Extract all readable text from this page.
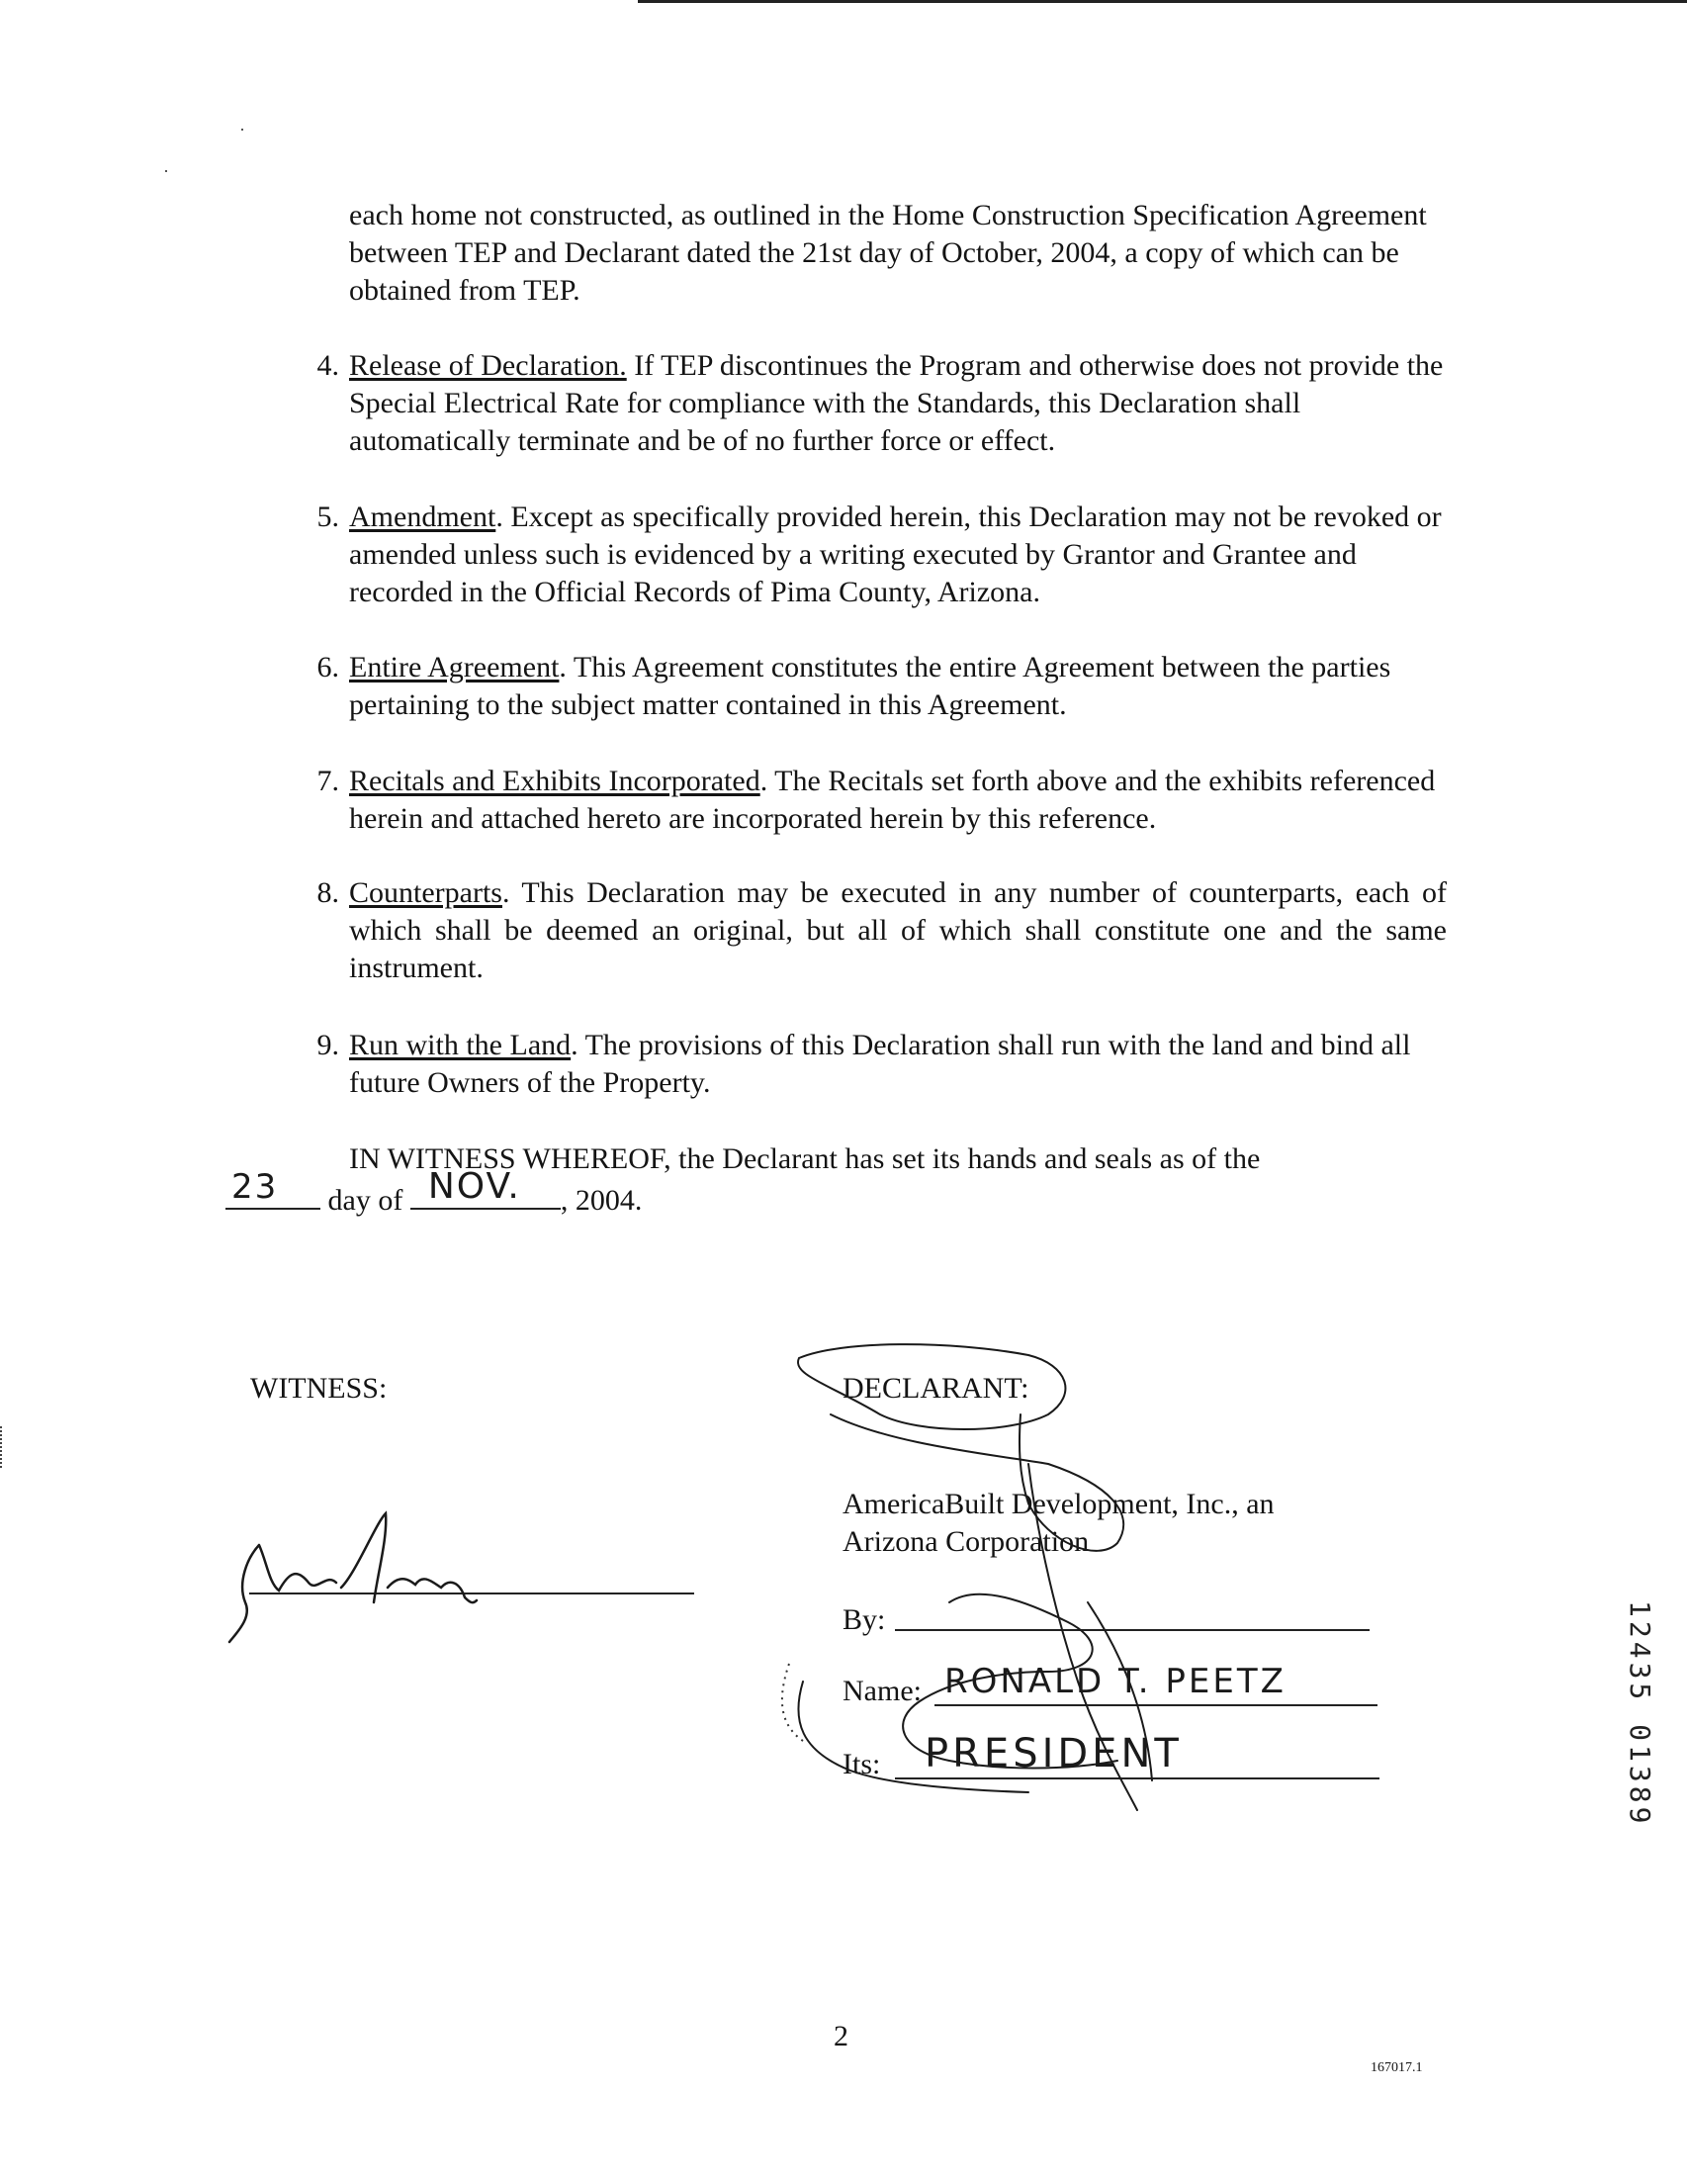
each home not constructed, as outlined in the Home Construction Specification Agreement between TEP and Declarant dated the 21st day of October, 2004, a copy of which can be obtained from TEP.

4. Release of Declaration. If TEP discontinues the Program and otherwise does not provide the Special Electrical Rate for compliance with the Standards, this Declaration shall automatically terminate and be of no further force or effect.
5. Amendment. Except as specifically provided herein, this Declaration may not be revoked or amended unless such is evidenced by a writing executed by Grantor and Grantee and recorded in the Official Records of Pima County, Arizona.
6. Entire Agreement. This Agreement constitutes the entire Agreement between the parties pertaining to the subject matter contained in this Agreement.
7. Recitals and Exhibits Incorporated. The Recitals set forth above and the exhibits referenced herein and attached hereto are incorporated herein by this reference.
8. Counterparts. This Declaration may be executed in any number of counterparts, each of which shall be deemed an original, but all of which shall constitute one and the same instrument.
9. Run with the Land. The provisions of this Declaration shall run with the land and bind all future Owners of the Property.
IN WITNESS WHEREOF, the Declarant has set its hands and seals as of the
23 day of NOV. , 2004.
WITNESS:	DECLARANT:
AmericaBuilt Development, Inc., an
Arizona Corporation
By:
Name: RONALD T. PEETZ
Its: PRESIDENT	12435 01389
2
167017.1
